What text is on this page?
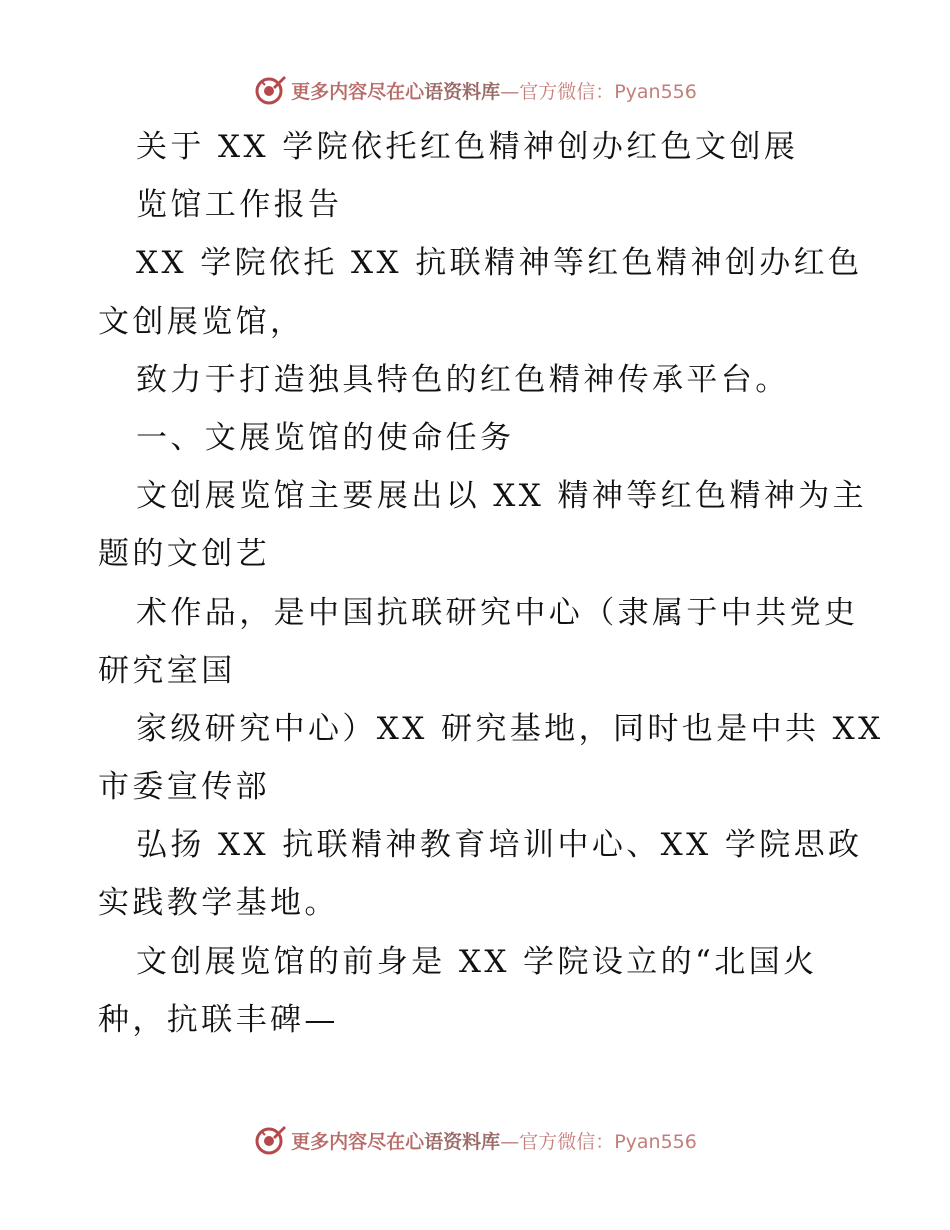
更多内容尽在心 语资料库 —官方微信：Pyan556
关于 XX 学院依托红色精神创办红色文创展
览馆工作报告
XX 学院依托 XX 抗联精神等红色精神创办红色
文创展览馆，
致力于打造独具特色的红色精神传承平台。
一、文展览馆的使命任务
文创展览馆主要展出以 XX 精神等红色精神为主
题的文创艺
术作品，是中国抗联研究中心（隶属于中共党史
研究室国
家级研究中心）XX 研究基地，同时也是中共 XX
市委宣传部
弘扬 XX 抗联精神教育培训中心、XX 学院思政
实践教学基地。
文创展览馆的前身是 XX 学院设立的“北国火
种，抗联丰碑—
更多内容尽在心 语资料库 —官方微信：Pyan556
